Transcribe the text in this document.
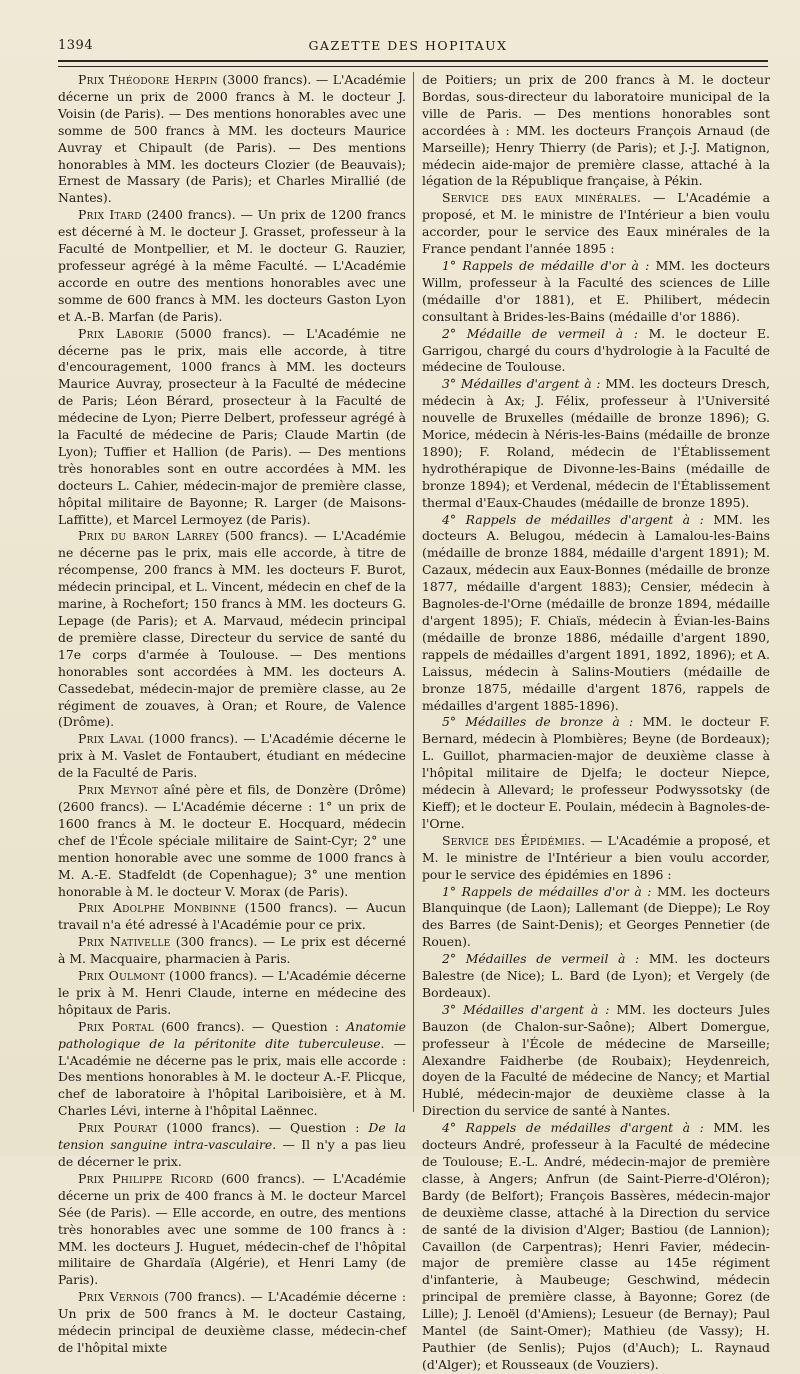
1394	GAZETTE DES HOPITAUX

Prix Théodore Herpin (3000 francs). — L'Académie décerne un prix de 2000 francs à M. le docteur J. Voisin (de Paris). — Des mentions honorables avec une somme de 500 francs à MM. les docteurs Maurice Auvray et Chipault (de Paris). — Des mentions honorables à MM. les docteurs Clozier (de Beauvais); Ernest de Massary (de Paris); et Charles Mirallié (de Nantes).

Prix Itard (2400 francs). — Un prix de 1200 francs est décerné à M. le docteur J. Grasset, professeur à la Faculté de Montpellier, et M. le docteur G. Rauzier, professeur agrégé à la même Faculté. — L'Académie accorde en outre des mentions honorables avec une somme de 600 francs à MM. les docteurs Gaston Lyon et A.-B. Marfan (de Paris).

Prix Laborie (5000 francs). — L'Académie ne décerne pas le prix, mais elle accorde, à titre d'encouragement, 1000 francs à MM. les docteurs Maurice Auvray, prosecteur à la Faculté de médecine de Paris; Léon Bérard, prosecteur à la Faculté de médecine de Lyon; Pierre Delbert, professeur agrégé à la Faculté de médecine de Paris; Claude Martin (de Lyon); Tuffier et Hallion (de Paris). — Des mentions très honorables sont en outre accordées à MM. les docteurs L. Cahier, médecin-major de première classe, hôpital militaire de Bayonne; R. Larger (de Maisons-Laffitte), et Marcel Lermoyez (de Paris).

Prix du baron Larrey (500 francs). — L'Académie ne décerne pas le prix, mais elle accorde, à titre de récompense, 200 francs à MM. les docteurs F. Burot, médecin principal, et L. Vincent, médecin en chef de la marine, à Rochefort; 150 francs à MM. les docteurs G. Lepage (de Paris); et A. Marvaud, médecin principal de première classe, Directeur du service de santé du 17e corps d'armée à Toulouse. — Des mentions honorables sont accordées à MM. les docteurs A. Cassedebat, médecin-major de première classe, au 2e régiment de zouaves, à Oran; et Roure, de Valence (Drôme).

Prix Laval (1000 francs). — L'Académie décerne le prix à M. Vaslet de Fontaubert, étudiant en médecine de la Faculté de Paris.

Prix Meynot aîné père et fils, de Donzère (Drôme) (2600 francs). — L'Académie décerne : 1° un prix de 1600 francs à M. le docteur E. Hocquard, médecin chef de l'École spéciale militaire de Saint-Cyr; 2° une mention honorable avec une somme de 1000 francs à M. A.-E. Stadfeldt (de Copenhague); 3° une mention honorable à M. le docteur V. Morax (de Paris).

Prix Adolphe Monbinne (1500 francs). — Aucun travail n'a été adressé à l'Académie pour ce prix.

Prix Nativelle (300 francs). — Le prix est décerné à M. Macquaire, pharmacien à Paris.

Prix Oulmont (1000 francs). — L'Académie décerne le prix à M. Henri Claude, interne en médecine des hôpitaux de Paris.

Prix Portal (600 francs). — Question : Anatomie pathologique de la péritonite dite tuberculeuse. — L'Académie ne décerne pas le prix, mais elle accorde : Des mentions honorables à M. le docteur A.-F. Plicque, chef de laboratoire à l'hôpital Lariboisière, et à M. Charles Lévi, interne à l'hôpital Laënnec.

Prix Pourat (1000 francs). — Question : De la tension sanguine intra-vasculaire. — Il n'y a pas lieu de décerner le prix.

Prix Philippe Ricord (600 francs). — L'Académie décerne un prix de 400 francs à M. le docteur Marcel Sée (de Paris). — Elle accorde, en outre, des mentions très honorables avec une somme de 100 francs à : MM. les docteurs J. Huguet, médecin-chef de l'hôpital militaire de Ghardaïa (Algérie), et Henri Lamy (de Paris).

Prix Vernois (700 francs). — L'Académie décerne : Un prix de 500 francs à M. le docteur Castaing, médecin principal de deuxième classe, médecin-chef de l'hôpital mixte

de Poitiers; un prix de 200 francs à M. le docteur Bordas, sous-directeur du laboratoire municipal de la ville de Paris. — Des mentions honorables sont accordées à : MM. les docteurs François Arnaud (de Marseille); Henry Thierry (de Paris); et J.-J. Matignon, médecin aide-major de première classe, attaché à la légation de la République française, à Pékin.

Service des eaux minérales. — L'Académie a proposé, et M. le ministre de l'Intérieur a bien voulu accorder, pour le service des Eaux minérales de la France pendant l'année 1895 :

1° Rappels de médaille d'or à : MM. les docteurs Willm, professeur à la Faculté des sciences de Lille (médaille d'or 1881), et E. Philibert, médecin consultant à Brides-les-Bains (médaille d'or 1886).

2° Médaille de vermeil à : M. le docteur E. Garrigou, chargé du cours d'hydrologie à la Faculté de médecine de Toulouse.

3° Médailles d'argent à : MM. les docteurs Dresch, médecin à Ax; J. Félix, professeur à l'Université nouvelle de Bruxelles (médaille de bronze 1896); G. Morice, médecin à Néris-les-Bains (médaille de bronze 1890); F. Roland, médecin de l'Établissement hydrothérapique de Divonne-les-Bains (médaille de bronze 1894); et Verdenal, médecin de l'Établissement thermal d'Eaux-Chaudes (médaille de bronze 1895).

4° Rappels de médailles d'argent à : MM. les docteurs A. Belugou, médecin à Lamalou-les-Bains (médaille de bronze 1884, médaille d'argent 1891); M. Cazaux, médecin aux Eaux-Bonnes (médaille de bronze 1877, médaille d'argent 1883); Censier, médecin à Bagnoles-de-l'Orne (médaille de bronze 1894, médaille d'argent 1895); F. Chiaïs, médecin à Évian-les-Bains (médaille de bronze 1886, médaille d'argent 1890, rappels de médailles d'argent 1891, 1892, 1896); et A. Laissus, médecin à Salins-Moutiers (médaille de bronze 1875, médaille d'argent 1876, rappels de médailles d'argent 1885-1896).

5° Médailles de bronze à : MM. le docteur F. Bernard, médecin à Plombières; Beyne (de Bordeaux); L. Guillot, pharmacien-major de deuxième classe à l'hôpital militaire de Djelfa; le docteur Niepce, médecin à Allevard; le professeur Podwyssotsky (de Kieff); et le docteur E. Poulain, médecin à Bagnoles-de-l'Orne.

Service des Épidémies. — L'Académie a proposé, et M. le ministre de l'Intérieur a bien voulu accorder, pour le service des épidémies en 1896 :

1° Rappels de médailles d'or à : MM. les docteurs Blanquinque (de Laon); Lallemant (de Dieppe); Le Roy des Barres (de Saint-Denis); et Georges Pennetier (de Rouen).

2° Médailles de vermeil à : MM. les docteurs Balestre (de Nice); L. Bard (de Lyon); et Vergely (de Bordeaux).

3° Médailles d'argent à : MM. les docteurs Jules Bauzon (de Chalon-sur-Saône); Albert Domergue, professeur à l'École de médecine de Marseille; Alexandre Faidherbe (de Roubaix); Heydenreich, doyen de la Faculté de médecine de Nancy; et Martial Hublé, médecin-major de deuxième classe à la Direction du service de santé à Nantes.

4° Rappels de médailles d'argent à : MM. les docteurs André, professeur à la Faculté de médecine de Toulouse; E.-L. André, médecin-major de première classe, à Angers; Anfrun (de Saint-Pierre-d'Oléron); Bardy (de Belfort); François Bassères, médecin-major de deuxième classe, attaché à la Direction du service de santé de la division d'Alger; Bastiou (de Lannion); Cavaillon (de Carpentras); Henri Favier, médecin-major de première classe au 145e régiment d'infanterie, à Maubeuge; Geschwind, médecin principal de première classe, à Bayonne; Gorez (de Lille); J. Lenoël (d'Amiens); Lesueur (de Bernay); Paul Mantel (de Saint-Omer); Mathieu (de Vassy); H. Pauthier (de Senlis); Pujos (d'Auch); L. Raynaud (d'Alger); et Rousseaux (de Vouziers).
